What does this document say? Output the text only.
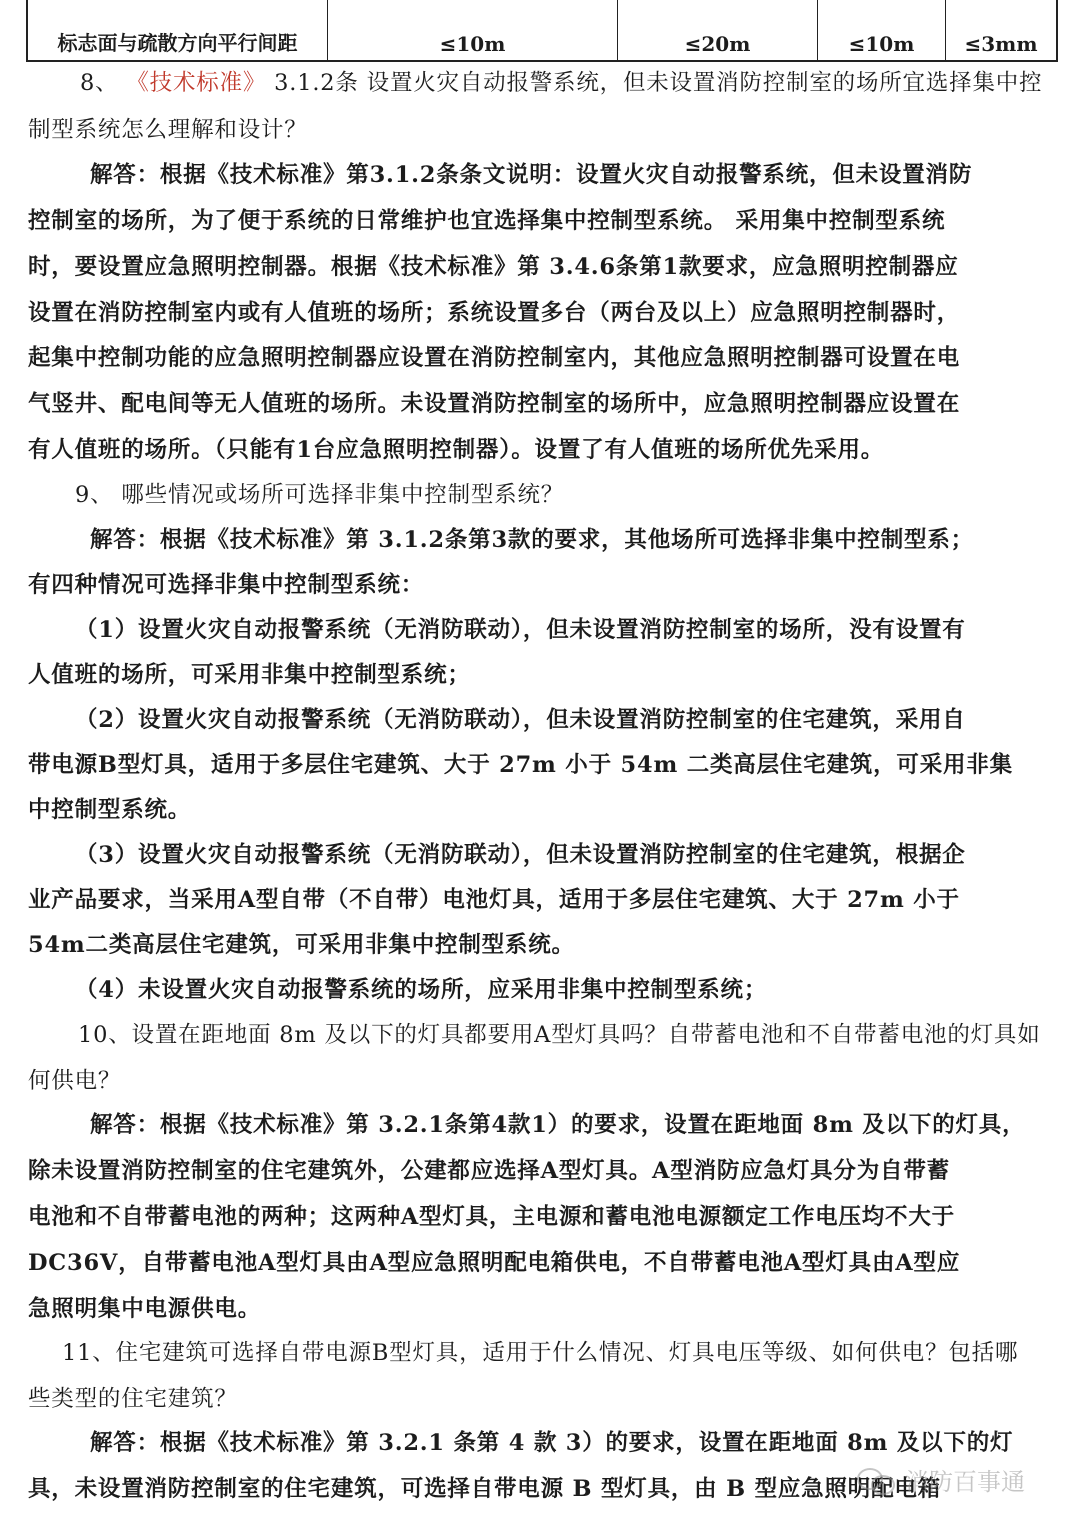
标志面与疏散方向平行间距	≤10m	≤20m	≤10m	≤3mm
8、 《技术标准》 3.1.2条 设置火灾自动报警系统，但未设置消防控制室的场所宜选择集中控
制型系统怎么理解和设计？
解答：根据《技术标准》第3.1.2条条文说明：设置火灾自动报警系统，但未设置消防
控制室的场所，为了便于系统的日常维护也宜选择集中控制型系统。 采用集中控制型系统
时，要设置应急照明控制器。根据《技术标准》第 3.4.6条第1款要求，应急照明控制器应
设置在消防控制室内或有人值班的场所；系统设置多台（两台及以上）应急照明控制器时，
起集中控制功能的应急照明控制器应设置在消防控制室内，其他应急照明控制器可设置在电
气竖井、配电间等无人值班的场所。未设置消防控制室的场所中，应急照明控制器应设置在
有人值班的场所。（只能有1台应急照明控制器）。设置了有人值班的场所优先采用。
9、 哪些情况或场所可选择非集中控制型系统？
解答：根据《技术标准》第 3.1.2条第3款的要求，其他场所可选择非集中控制型系；
有四种情况可选择非集中控制型系统：
（1）设置火灾自动报警系统（无消防联动），但未设置消防控制室的场所，没有设置有
人值班的场所，可采用非集中控制型系统；
（2）设置火灾自动报警系统（无消防联动），但未设置消防控制室的住宅建筑，采用自
带电源B型灯具，适用于多层住宅建筑、大于 27m 小于 54m 二类高层住宅建筑，可采用非集
中控制型系统。
（3）设置火灾自动报警系统（无消防联动），但未设置消防控制室的住宅建筑，根据企
业产品要求，当采用A型自带（不自带）电池灯具，适用于多层住宅建筑、大于 27m 小于
54m二类高层住宅建筑，可采用非集中控制型系统。
（4）未设置火灾自动报警系统的场所，应采用非集中控制型系统；
10、设置在距地面 8m 及以下的灯具都要用A型灯具吗？自带蓄电池和不自带蓄电池的灯具如
何供电？
解答：根据《技术标准》第 3.2.1条第4款1）的要求，设置在距地面 8m 及以下的灯具，
除未设置消防控制室的住宅建筑外，公建都应选择A型灯具。A型消防应急灯具分为自带蓄
电池和不自带蓄电池的两种；这两种A型灯具，主电源和蓄电池电源额定工作电压均不大于
DC36V，自带蓄电池A型灯具由A型应急照明配电箱供电，不自带蓄电池A型灯具由A型应
急照明集中电源供电。
11、住宅建筑可选择自带电源B型灯具，适用于什么情况、灯具电压等级、如何供电？包括哪
些类型的住宅建筑？
解答：根据《技术标准》第 3.2.1 条第 4 款 3）的要求，设置在距地面 8m 及以下的灯
具，未设置消防控制室的住宅建筑，可选择自带电源 B 型灯具，由 B 型应急照明配电箱
消防百事通
